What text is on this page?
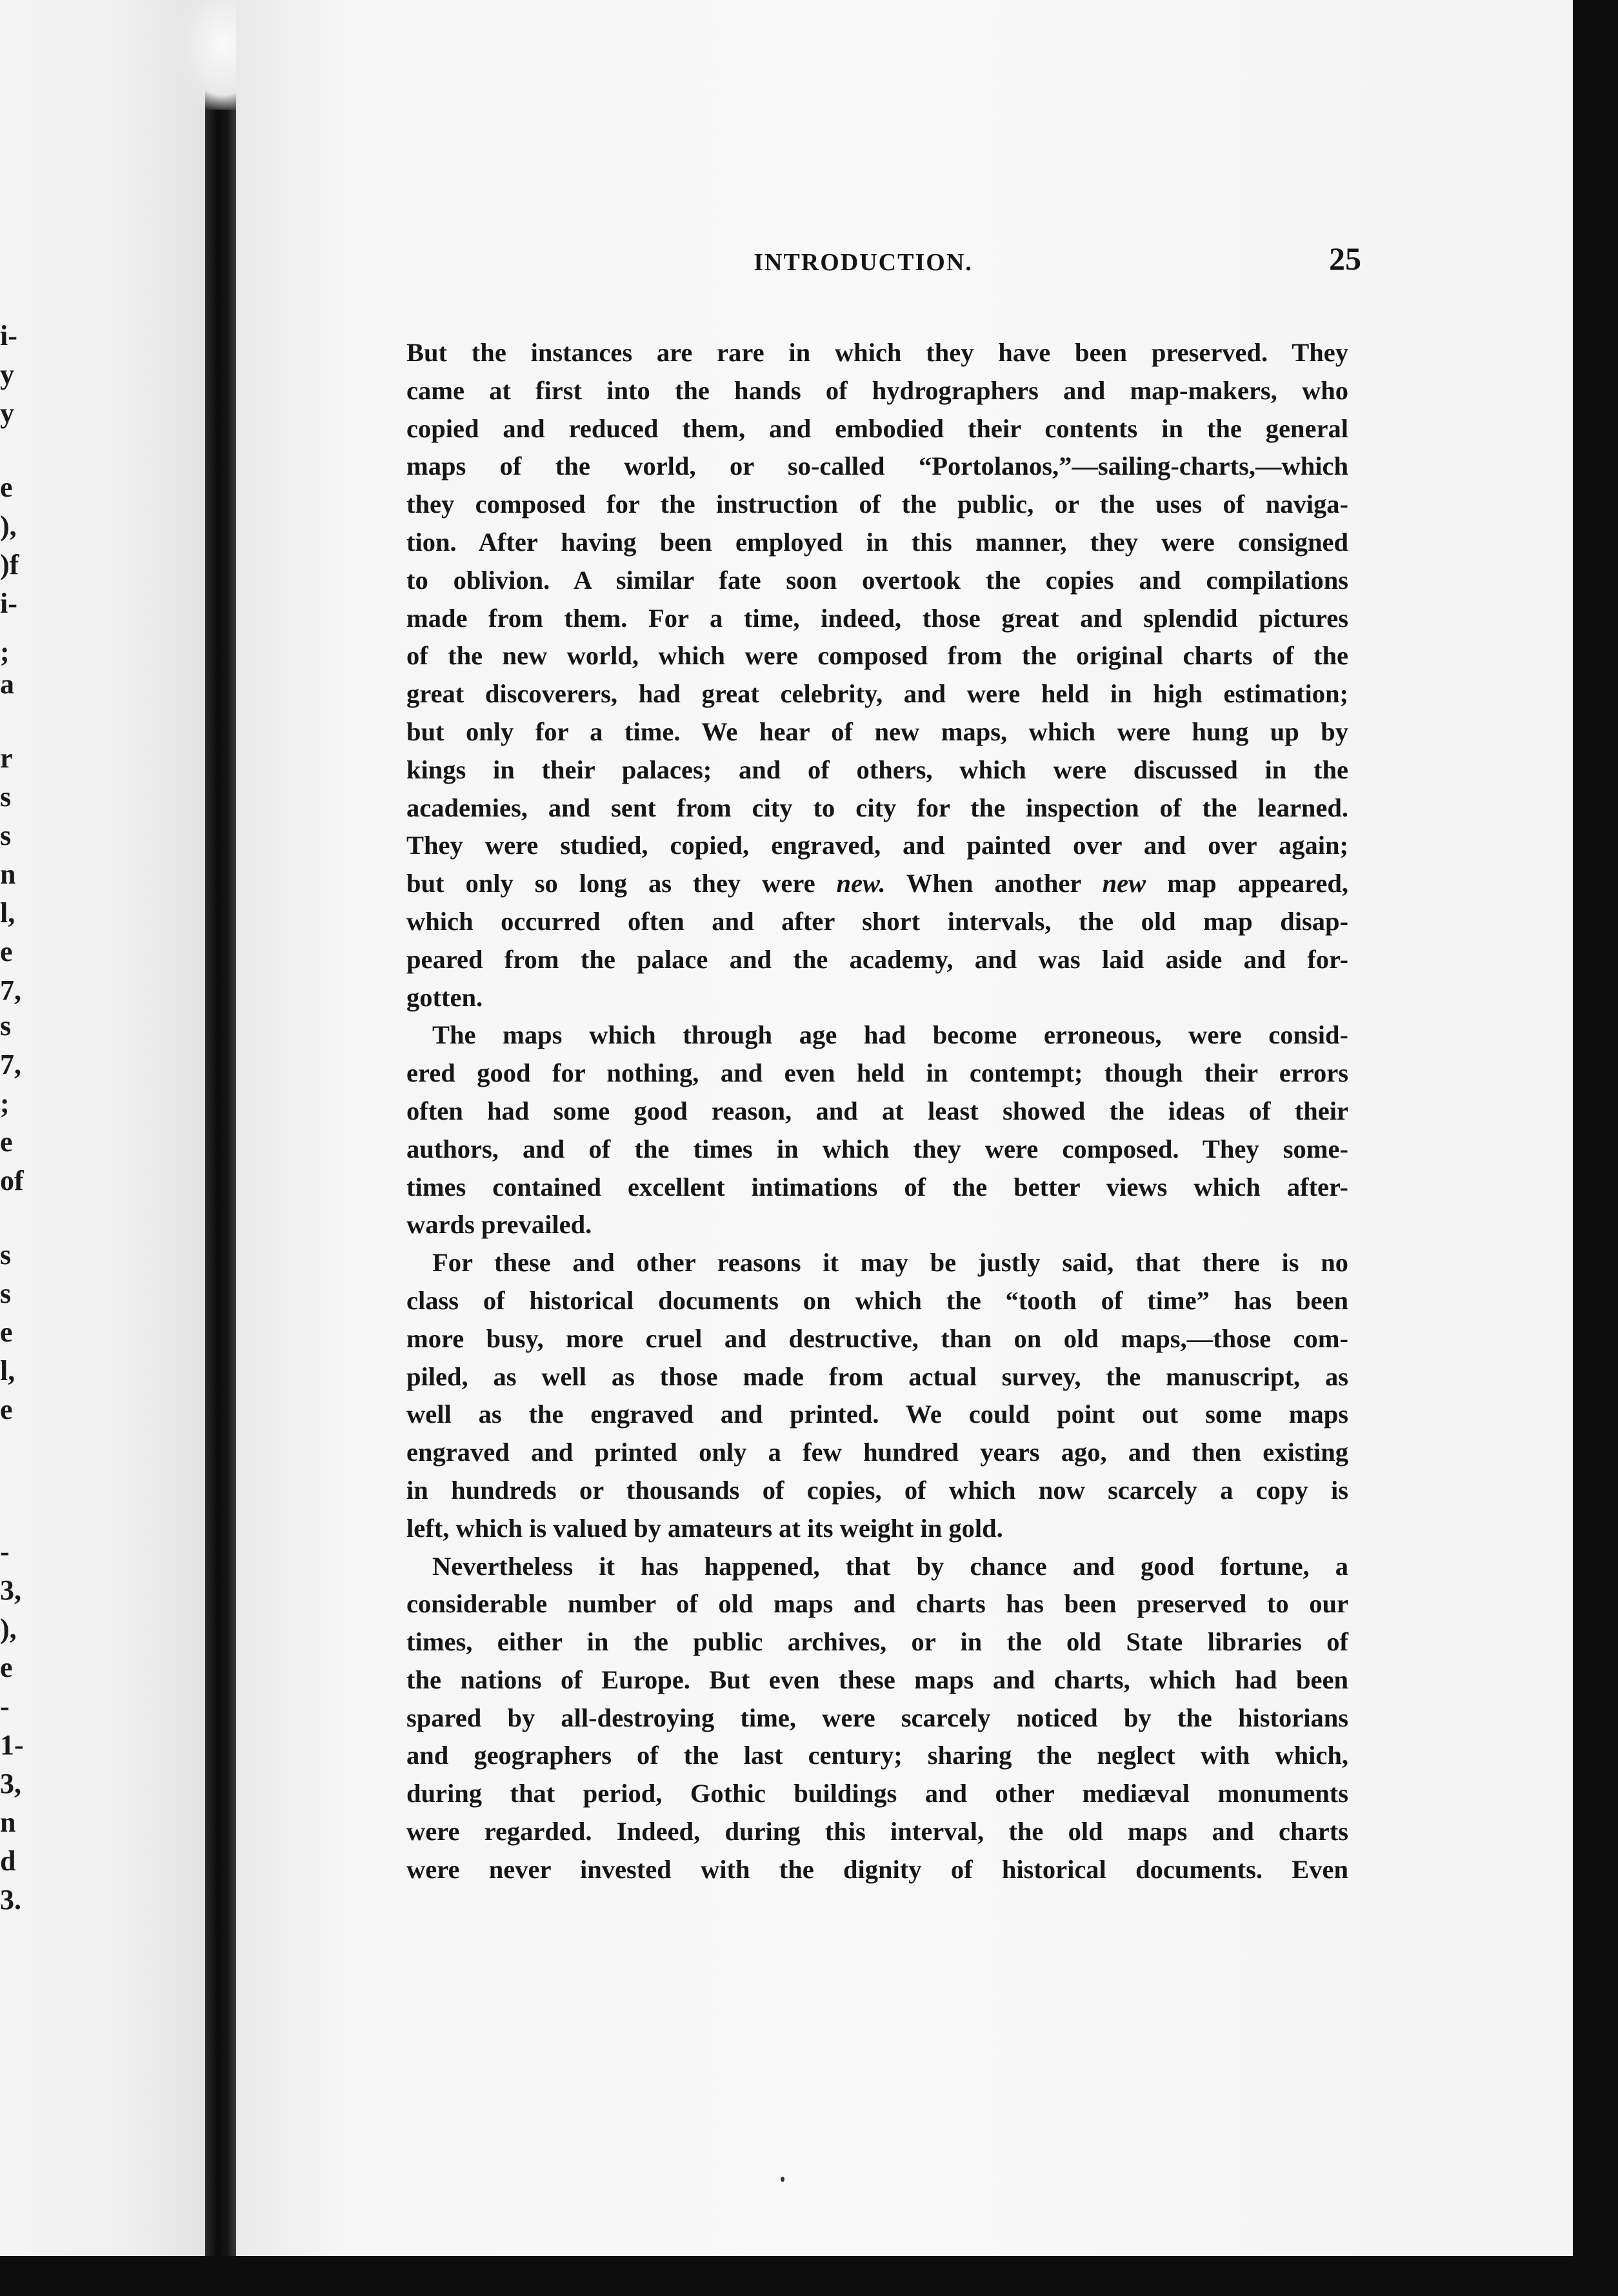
i-
y
y
e
),
)f
i-
;
a
r
s
s
n
l,
e
7,
s
7,
;
e
of
s
s
e
l,
e
-
3,
),
e
-
1-
3,
n
d
3.
INTRODUCTION.	25
But the instances are rare in which they have been preserved. They
came at first into the hands of hydrographers and map-makers, who
copied and reduced them, and embodied their contents in the general
maps of the world, or so-called “Portolanos,”—sailing-charts,—which
they composed for the instruction of the public, or the uses of naviga-
tion. After having been employed in this manner, they were consigned
to oblivion. A similar fate soon overtook the copies and compilations
made from them. For a time, indeed, those great and splendid pictures
of the new world, which were composed from the original charts of the
great discoverers, had great celebrity, and were held in high estimation;
but only for a time. We hear of new maps, which were hung up by
kings in their palaces; and of others, which were discussed in the
academies, and sent from city to city for the inspection of the learned.
They were studied, copied, engraved, and painted over and over again;
but only so long as they were new. When another new map appeared,
which occurred often and after short intervals, the old map disap-
peared from the palace and the academy, and was laid aside and for-
gotten.
The maps which through age had become erroneous, were consid-
ered good for nothing, and even held in contempt; though their errors
often had some good reason, and at least showed the ideas of their
authors, and of the times in which they were composed. They some-
times contained excellent intimations of the better views which after-
wards prevailed.
For these and other reasons it may be justly said, that there is no
class of historical documents on which the “tooth of time” has been
more busy, more cruel and destructive, than on old maps,—those com-
piled, as well as those made from actual survey, the manuscript, as
well as the engraved and printed. We could point out some maps
engraved and printed only a few hundred years ago, and then existing
in hundreds or thousands of copies, of which now scarcely a copy is
left, which is valued by amateurs at its weight in gold.
Nevertheless it has happened, that by chance and good fortune, a
considerable number of old maps and charts has been preserved to our
times, either in the public archives, or in the old State libraries of
the nations of Europe. But even these maps and charts, which had been
spared by all-destroying time, were scarcely noticed by the historians
and geographers of the last century; sharing the neglect with which,
during that period, Gothic buildings and other mediæval monuments
were regarded. Indeed, during this interval, the old maps and charts
were never invested with the dignity of historical documents. Even
